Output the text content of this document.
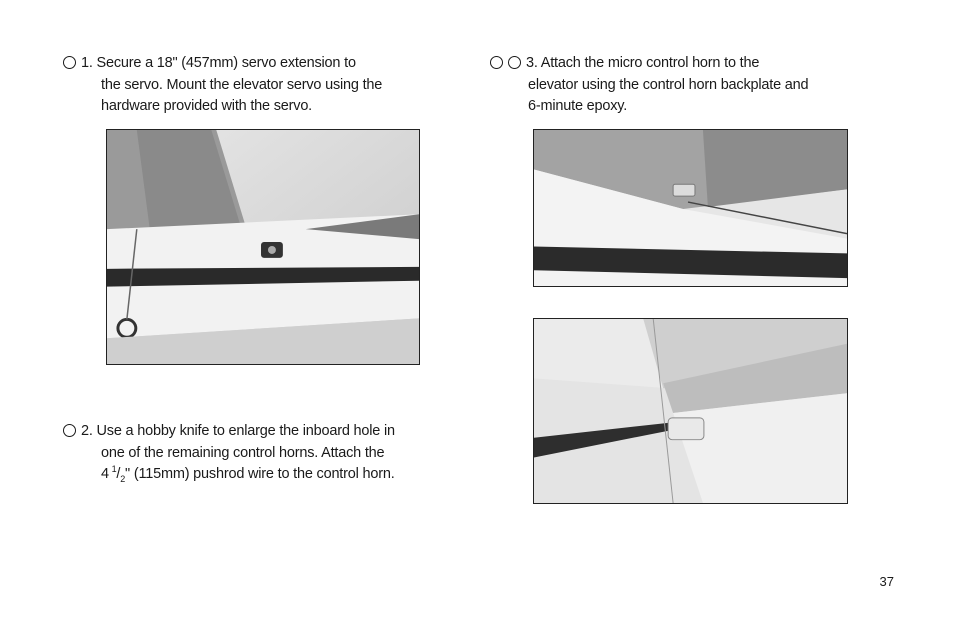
1. Secure a 18" (457mm) servo extension to
the servo. Mount the elevator servo using the
hardware provided with the servo.
2. Use a hobby knife to enlarge the inboard hole in
one of the remaining control horns. Attach the
4  $^1/_2$" (115mm) pushrod wire to the control horn.
3. Attach the micro control horn to the
elevator using the control horn backplate and
6-minute epoxy.
37
